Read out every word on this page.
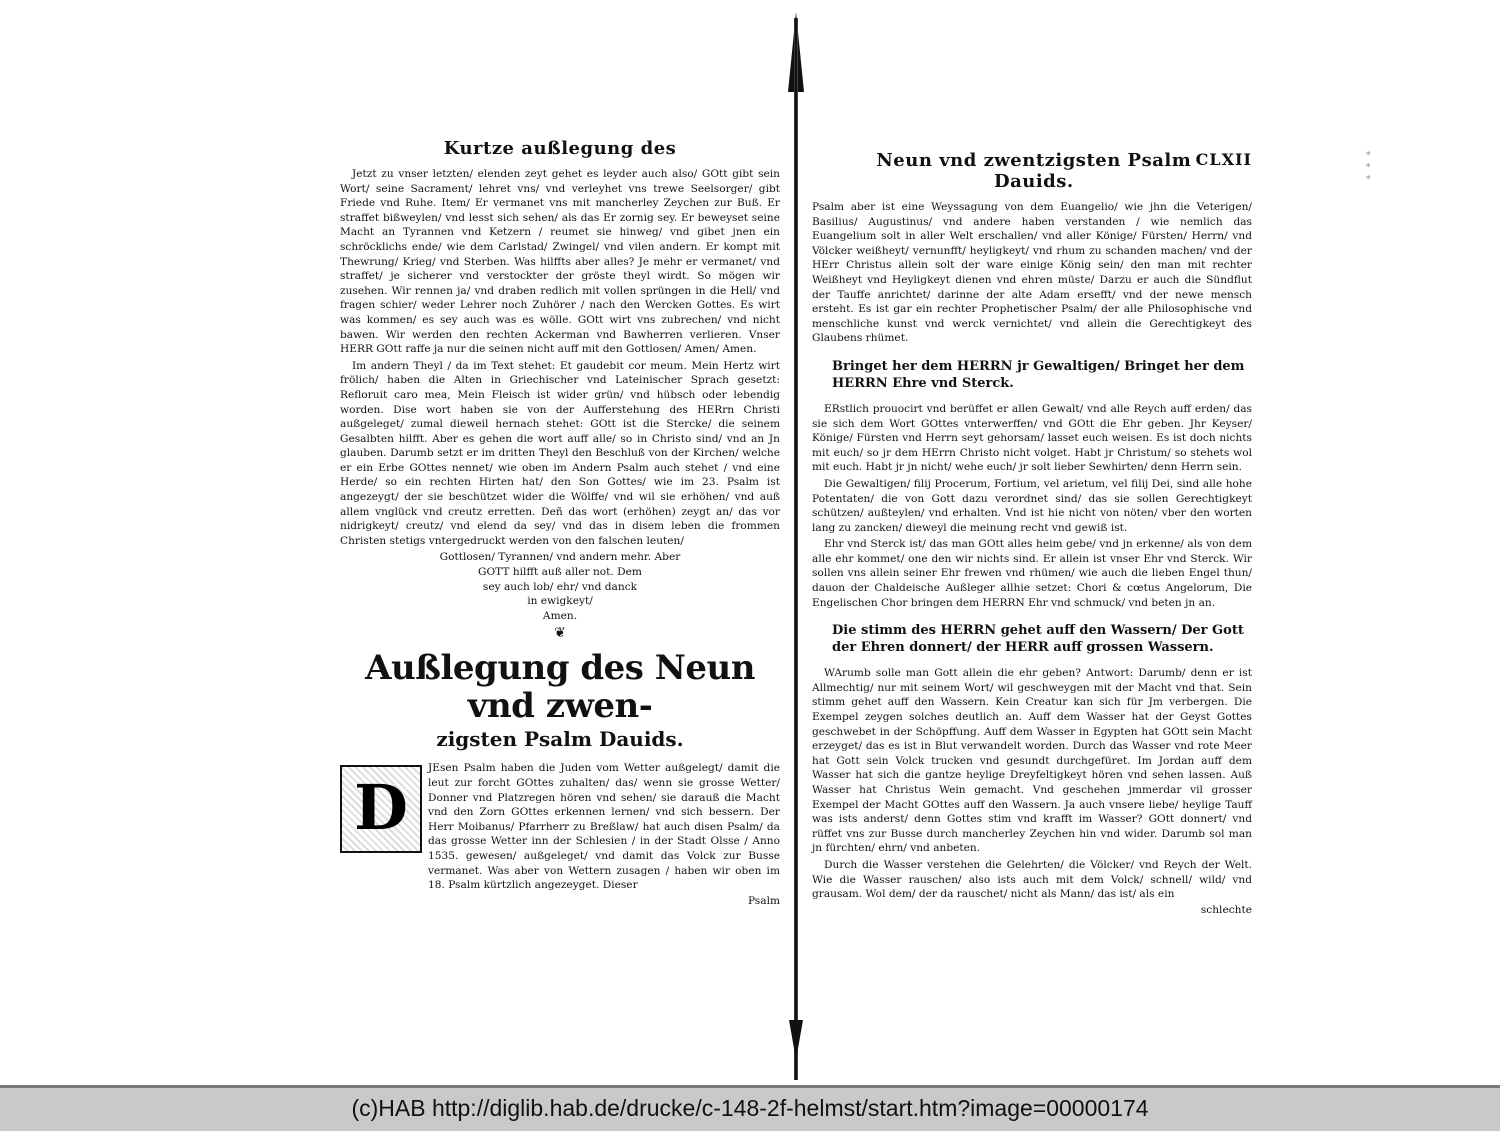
Kurtze außlegung des

Jetzt zu vnser letzten/ elenden zeyt gehet es leyder auch also/ GOtt gibt sein Wort/ seine Sacrament/ lehret vns/ vnd verleyhet vns trewe Seelsorger/ gibt Friede vnd Ruhe. Item/ Er vermanet vns mit mancherley Zeychen zur Buß. Er straffet bißweylen/ vnd lesst sich sehen/ als das Er zornig sey. Er beweyset seine Macht an Tyrannen vnd Ketzern / reumet sie hinweg/ vnd gibet jnen ein schröcklichs ende/ wie dem Carlstad/ Zwingel/ vnd vilen andern. Er kompt mit Thewrung/ Krieg/ vnd Sterben. Was hilffts aber alles? Je mehr er vermanet/ vnd straffet/ je sicherer vnd verstockter der gröste theyl wirdt. So mögen wir zusehen. Wir rennen ja/ vnd draben redlich mit vollen sprüngen in die Hell/ vnd fragen schier/ weder Lehrer noch Zuhörer / nach den Wercken Gottes. Es wirt was kommen/ es sey auch was es wölle. GOtt wirt vns zubrechen/ vnd nicht bawen. Wir werden den rechten Ackerman vnd Bawherren verlieren. Vnser HERR GOtt raffe ja nur die seinen nicht auff mit den Gottlosen/ Amen/ Amen.

Im andern Theyl / da im Text stehet: Et gaudebit cor meum. Mein Hertz wirt frölich/ haben die Alten in Griechischer vnd Lateinischer Sprach gesetzt: Refloruit caro mea, Mein Fleisch ist wider grün/ vnd hübsch oder lebendig worden. Dise wort haben sie von der Aufferstehung des HERrn Christi außgeleget/ zumal dieweil hernach stehet: GOtt ist die Stercke/ die seinem Gesalbten hilfft. Aber es gehen die wort auff alle/ so in Christo sind/ vnd an Jn glauben. Darumb setzt er im dritten Theyl den Beschluß von der Kirchen/ welche er ein Erbe GOttes nennet/ wie oben im Andern Psalm auch stehet / vnd eine Herde/ so ein rechten Hirten hat/ den Son Gottes/ wie im 23. Psalm ist angezeygt/ der sie beschützet wider die Wölffe/ vnd wil sie erhöhen/ vnd auß allem vnglück vnd creutz erretten. Deñ das wort (erhöhen) zeygt an/ das vor nidrigkeyt/ creutz/ vnd elend da sey/ vnd das in disem leben die frommen Christen stetigs vntergedruckt werden von den falschen leuten/

Gottlosen/ Tyrannen/ vnd andern mehr. Aber

GOTT hilfft auß aller not. Dem

sey auch lob/ ehr/ vnd danck

in ewigkeyt/

Amen.

❦
Außlegung des Neun vnd zwen-
zigsten Psalm Dauids.
D

JEsen Psalm haben die Juden vom Wetter außgelegt/ damit die leut zur forcht GOttes zuhalten/ das/ wenn sie grosse Wetter/ Donner vnd Platzregen hören vnd sehen/ sie darauß die Macht vnd den Zorn GOttes erkennen lernen/ vnd sich bessern. Der Herr Moibanus/ Pfarrherr zu Breßlaw/ hat auch disen Psalm/ da das grosse Wetter inn der Schlesien / in der Stadt Olsse / Anno 1535. gewesen/ außgeleget/ vnd damit das Volck zur Busse vermanet. Was aber von Wettern zusagen / haben wir oben im 18. Psalm kürtzlich angezeyget. Dieser

Psalm

Neun vnd zwentzigsten Psalm Dauids.
CLXII

Psalm aber ist eine Weyssagung von dem Euangelio/ wie jhn die Veterigen/ Basilius/ Augustinus/ vnd andere haben verstanden / wie nemlich das Euangelium solt in aller Welt erschallen/ vnd aller Könige/ Fürsten/ Herrn/ vnd Völcker weißheyt/ vernunfft/ heyligkeyt/ vnd rhum zu schanden machen/ vnd der HErr Christus allein solt der ware einige König sein/ den man mit rechter Weißheyt vnd Heyligkeyt dienen vnd ehren müste/ Darzu er auch die Sündflut der Tauffe anrichtet/ darinne der alte Adam ersefft/ vnd der newe mensch ersteht. Es ist gar ein rechter Prophetischer Psalm/ der alle Philosophische vnd menschliche kunst vnd werck vernichtet/ vnd allein die Gerechtigkeyt des Glaubens rhümet.

Bringet her dem HERRN jr Gewaltigen/ Bringet her dem HERRN Ehre vnd Sterck.

ERstlich prouocirt vnd berüffet er allen Gewalt/ vnd alle Reych auff erden/ das sie sich dem Wort GOttes vnterwerffen/ vnd GOtt die Ehr geben. Jhr Keyser/ Könige/ Fürsten vnd Herrn seyt gehorsam/ lasset euch weisen. Es ist doch nichts mit euch/ so jr dem HErrn Christo nicht volget. Habt jr Christum/ so stehets wol mit euch. Habt jr jn nicht/ wehe euch/ jr solt lieber Sewhirten/ denn Herrn sein.

Die Gewaltigen/ filij Procerum, Fortium, vel arietum, vel filij Dei, sind alle hohe Potentaten/ die von Gott dazu verordnet sind/ das sie sollen Gerechtigkeyt schützen/ außteylen/ vnd erhalten. Vnd ist hie nicht von nöten/ vber den worten lang zu zancken/ dieweyl die meinung recht vnd gewiß ist.

Ehr vnd Sterck ist/ das man GOtt alles heim gebe/ vnd jn erkenne/ als von dem alle ehr kommet/ one den wir nichts sind. Er allein ist vnser Ehr vnd Sterck. Wir sollen vns allein seiner Ehr frewen vnd rhümen/ wie auch die lieben Engel thun/ dauon der Chaldeische Außleger allhie setzet: Chori & cœtus Angelorum, Die Engelischen Chor bringen dem HERRN Ehr vnd schmuck/ vnd beten jn an.

Die stimm des HERRN gehet auff den Wassern/ Der Gott der Ehren donnert/ der HERR auff grossen Wassern.

WArumb solle man Gott allein die ehr geben? Antwort: Darumb/ denn er ist Allmechtig/ nur mit seinem Wort/ wil geschweygen mit der Macht vnd that. Sein stimm gehet auff den Wassern. Kein Creatur kan sich für Jm verbergen. Die Exempel zeygen solches deutlich an. Auff dem Wasser hat der Geyst Gottes geschwebet in der Schöpffung. Auff dem Wasser in Egypten hat GOtt sein Macht erzeyget/ das es ist in Blut verwandelt worden. Durch das Wasser vnd rote Meer hat Gott sein Volck trucken vnd gesundt durchgefüret. Im Jordan auff dem Wasser hat sich die gantze heylige Dreyfeltigkeyt hören vnd sehen lassen. Auß Wasser hat Christus Wein gemacht. Vnd geschehen jmmerdar vil grosser Exempel der Macht GOttes auff den Wassern. Ja auch vnsere liebe/ heylige Tauff was ists anderst/ denn Gottes stim vnd krafft im Wasser? GOtt donnert/ vnd rüffet vns zur Busse durch mancherley Zeychen hin vnd wider. Darumb sol man jn fürchten/ ehrn/ vnd anbeten.

Durch die Wasser verstehen die Gelehrten/ die Völcker/ vnd Reych der Welt. Wie die Wasser rauschen/ also ists auch mit dem Volck/ schnell/ wild/ vnd grausam. Wol dem/ der da rauschet/ nicht als Mann/ das ist/ als ein

schlechte

∗
∗
∗
(c)HAB http://diglib.hab.de/drucke/c-148-2f-helmst/start.htm?image=00000174
